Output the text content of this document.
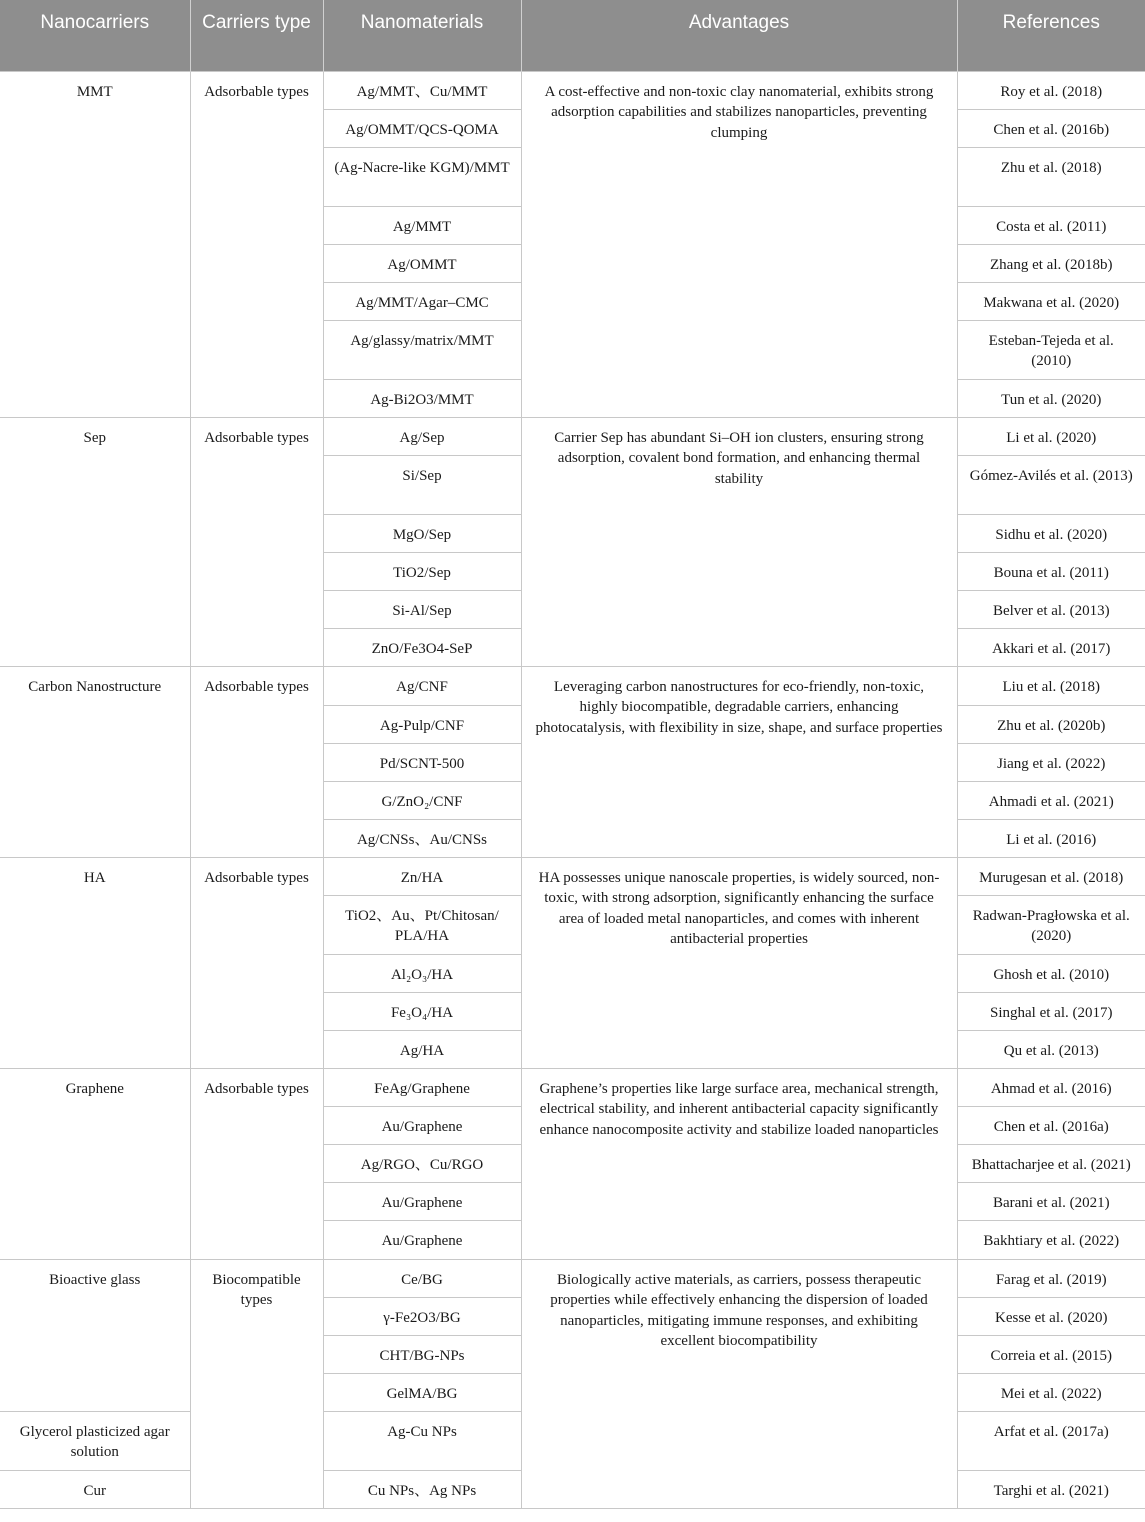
Nanocarriers	Carriers type	Nanomaterials	Advantages	References
MMT	Adsorbable types	Ag/MMT、Cu/MMT	A cost-effective and non-toxic clay nanomaterial, exhibits strong adsorption capabilities and stabilizes nanoparticles, preventing clumping	Roy et al. (2018)
		Ag/OMMT/QCS-QOMA		Chen et al. (2016b)
		(Ag-Nacre-like KGM)/MMT		Zhu et al. (2018)
		Ag/MMT		Costa et al. (2011)
		Ag/OMMT		Zhang et al. (2018b)
		Ag/MMT/Agar–CMC		Makwana et al. (2020)
		Ag/glassy/matrix/MMT		Esteban-Tejeda et al. (2010)
		Ag-Bi2O3/MMT		Tun et al. (2020)
Sep	Adsorbable types	Ag/Sep	Carrier Sep has abundant Si–OH ion clusters, ensuring strong adsorption, covalent bond formation, and enhancing thermal stability	Li et al. (2020)
		Si/Sep		Gómez-Avilés et al. (2013)
		MgO/Sep		Sidhu et al. (2020)
		TiO2/Sep		Bouna et al. (2011)
		Si-Al/Sep		Belver et al. (2013)
		ZnO/Fe3O4-SeP		Akkari et al. (2017)
Carbon Nanostructure	Adsorbable types	Ag/CNF	Leveraging carbon nanostructures for eco-friendly, non-toxic, highly biocompatible, degradable carriers, enhancing photocatalysis, with flexibility in size, shape, and surface properties	Liu et al. (2018)
		Ag-Pulp/CNF		Zhu et al. (2020b)
		Pd/SCNT-500		Jiang et al. (2022)
		G/ZnO₂/CNF		Ahmadi et al. (2021)
		Ag/CNSs、Au/CNSs		Li et al. (2016)
HA	Adsorbable types	Zn/HA	HA possesses unique nanoscale properties, is widely sourced, non-toxic, with strong adsorption, significantly enhancing the surface area of loaded metal nanoparticles, and comes with inherent antibacterial properties	Murugesan et al. (2018)
		TiO2、Au、Pt/Chitosan/ PLA/HA		Radwan-Pragłowska et al. (2020)
		Al₂O₃/HA		Ghosh et al. (2010)
		Fe₃O₄/HA		Singhal et al. (2017)
		Ag/HA		Qu et al. (2013)
Graphene	Adsorbable types	FeAg/Graphene	Graphene’s properties like large surface area, mechanical strength, electrical stability, and inherent antibacterial capacity significantly enhance nanocomposite activity and stabilize loaded nanoparticles	Ahmad et al. (2016)
		Au/Graphene		Chen et al. (2016a)
		Ag/RGO、Cu/RGO		Bhattacharjee et al. (2021)
		Au/Graphene		Barani et al. (2021)
		Au/Graphene		Bakhtiary et al. (2022)
Bioactive glass	Biocompatible types	Ce/BG	Biologically active materials, as carriers, possess therapeutic properties while effectively enhancing the dispersion of loaded nanoparticles, mitigating immune responses, and exhibiting excellent biocompatibility	Farag et al. (2019)
		γ-Fe2O3/BG		Kesse et al. (2020)
		CHT/BG-NPs		Correia et al. (2015)
		GelMA/BG		Mei et al. (2022)
Glycerol plasticized agar solution		Ag-Cu NPs		Arfat et al. (2017a)
Cur		Cu NPs、Ag NPs		Targhi et al. (2021)
